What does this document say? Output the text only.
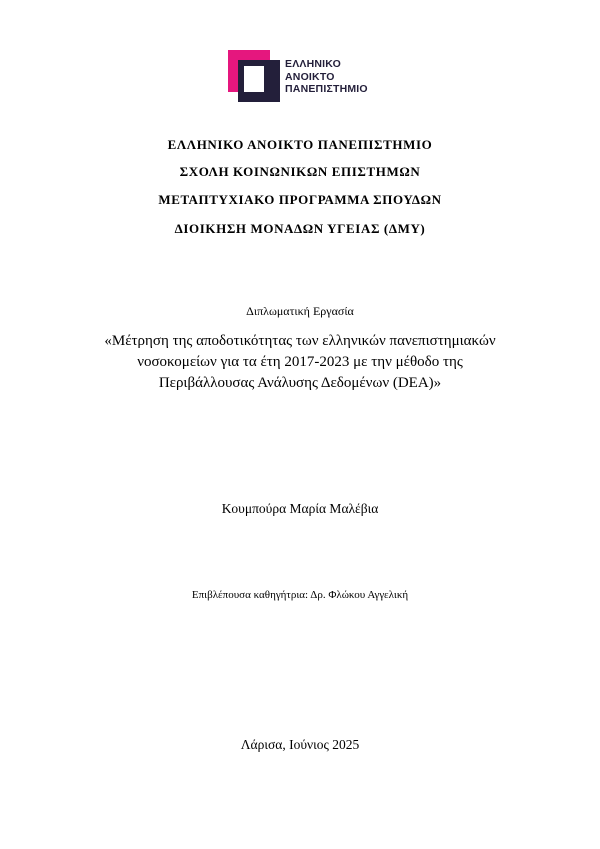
ΕΛΛΗΝΙΚΟ
ΑΝΟΙΚΤΟ
ΠΑΝΕΠΙΣΤΗΜΙΟ
ΕΛΛΗΝΙΚΟ ΑΝΟΙΚΤΟ ΠΑΝΕΠΙΣΤΗΜΙΟ
ΣΧΟΛΗ ΚΟΙΝΩΝΙΚΩΝ ΕΠΙΣΤΗΜΩΝ
ΜΕΤΑΠΤΥΧΙΑΚΟ ΠΡΟΓΡΑΜΜΑ ΣΠΟΥΔΩΝ
ΔΙΟΙΚΗΣΗ ΜΟΝΑΔΩΝ ΥΓΕΙΑΣ (ΔΜΥ)
Διπλωματική Εργασία
«Μέτρηση της αποδοτικότητας των ελληνικών πανεπιστημιακών
νοσοκομείων για τα έτη 2017-2023 με την μέθοδο της
Περιβάλλουσας Ανάλυσης Δεδομένων (DEA)»
Κουμπούρα Μαρία Μαλέβια
Επιβλέπουσα καθηγήτρια: Δρ. Φλώκου Αγγελική
Λάρισα, Ιούνιος 2025
